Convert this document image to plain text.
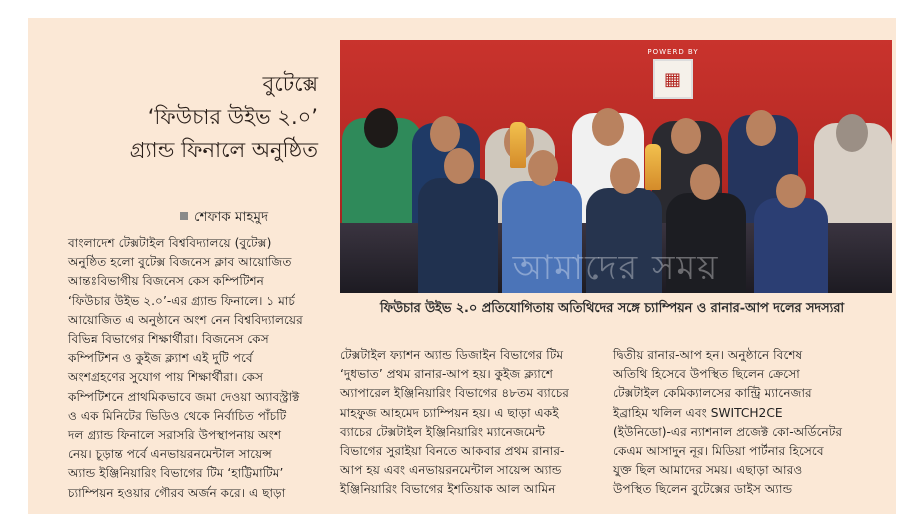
বুটেক্সে
‘ফিউচার উইভ ২.০’
গ্র্যান্ড ফিনালে অনুষ্ঠিত
শেফাক মাহমুদ

বাংলাদেশ টেক্সটাইল বিশ্ববিদ্যালয়ে (বুটেক্স)

অনুষ্ঠিত হলো বুটেক্স বিজনেস ক্লাব আয়োজিত

আন্তঃবিভাগীয় বিজনেস কেস কম্পিটিশন

‘ফিউচার উইভ ২.০’-এর গ্র্যান্ড ফিনালে। ১ মার্চ

আয়োজিত এ অনুষ্ঠানে অংশ নেন বিশ্ববিদ্যালয়ের

বিভিন্ন বিভাগের শিক্ষার্থীরা। বিজনেস কেস

কম্পিটিশন ও কুইজ ক্ল্যাশ এই দুটি পর্বে

অংশগ্রহণের সুযোগ পায় শিক্ষার্থীরা। কেস

কম্পিটিশনে প্রাথমিকভাবে জমা দেওয়া অ্যাবস্ট্রাক্ট

ও এক মিনিটের ভিডিও থেকে নির্বাচিত পাঁচটি

দল গ্র্যান্ড ফিনালে সরাসরি উপস্থাপনায় অংশ

নেয়। চূড়ান্ত পর্বে এনভায়রনমেন্টাল সায়েন্স

অ্যান্ড ইঞ্জিনিয়ারিং বিভাগের টিম ‘হাট্টিমাটিম’

চ্যাম্পিয়ন হওয়ার গৌরব অর্জন করে। এ ছাড়া

POWERD BY
▦
আমাদের সময়
ফিউচার উইভ ২.০ প্রতিযোগিতায় অতিথিদের সঙ্গে চ্যাম্পিয়ন ও রানার-আপ দলের সদস্যরা

টেক্সটাইল ফ্যাশন অ্যান্ড ডিজাইন বিভাগের টিম

‘দুধভাত’ প্রথম রানার-আপ হয়। কুইজ ক্ল্যাশে

অ্যাপারেল ইঞ্জিনিয়ারিং বিভাগের ৪৮তম ব্যাচের

মাহফুজ আহমেদ চ্যাম্পিয়ন হয়। এ ছাড়া একই

ব্যাচের টেক্সটাইল ইঞ্জিনিয়ারিং ম্যানেজমেন্ট

বিভাগের সুরাইয়া বিনতে আকবার প্রথম রানার-

আপ হয় এবং এনভায়রনমেন্টাল সায়েন্স অ্যান্ড

ইঞ্জিনিয়ারিং বিভাগের ইশতিয়াক আল আমিন

দ্বিতীয় রানার-আপ হন। অনুষ্ঠানে বিশেষ

অতিথি হিসেবে উপস্থিত ছিলেন ক্রেসো

টেক্সটাইল কেমিক্যালসের কান্ট্রি ম্যানেজার

ইব্রাহিম খলিল এবং SWITCH2CE

(ইউনিডো)-এর ন্যাশনাল প্রজেক্ট কো-অর্ডিনেটর

কেএম আসাদুন নূর। মিডিয়া পার্টনার হিসেবে

যুক্ত ছিল আমাদের সময়। এছাড়া আরও

উপস্থিত ছিলেন বুটেক্সের ডাইস অ্যান্ড
